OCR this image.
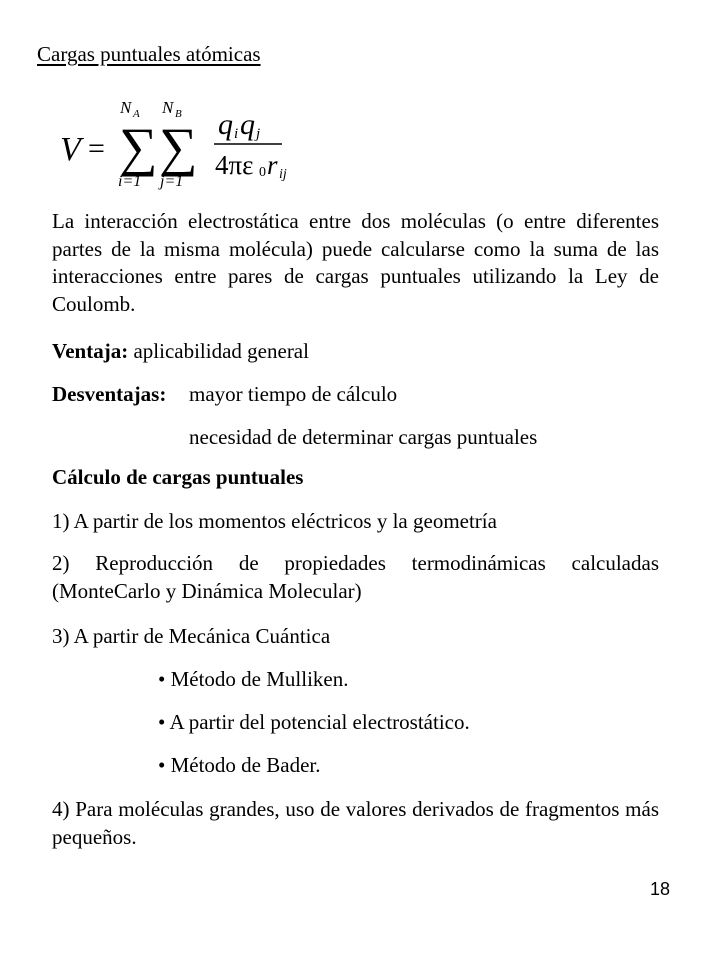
Cargas puntuales atómicas
V = ∑
N A
i=1
∑
N B
j=1
q i q j
4πε 0 r ij
La interacción electrostática entre dos moléculas (o entre diferentes partes de la misma molécula) puede calcularse como la suma de las interacciones entre pares de cargas puntuales utilizando la Ley de Coulomb.
Ventaja: aplicabilidad general
Desventajas: mayor tiempo de cálculo
necesidad de determinar cargas puntuales
Cálculo de cargas puntuales
1) A partir de los momentos eléctricos y la geometría
2) Reproducción de propiedades termodinámicas calculadas (MonteCarlo y Dinámica Molecular)
3) A partir de Mecánica Cuántica
• Método de Mulliken.
• A partir del potencial electrostático.
• Método de Bader.
4) Para moléculas grandes, uso de valores derivados de fragmentos más pequeños.
18
